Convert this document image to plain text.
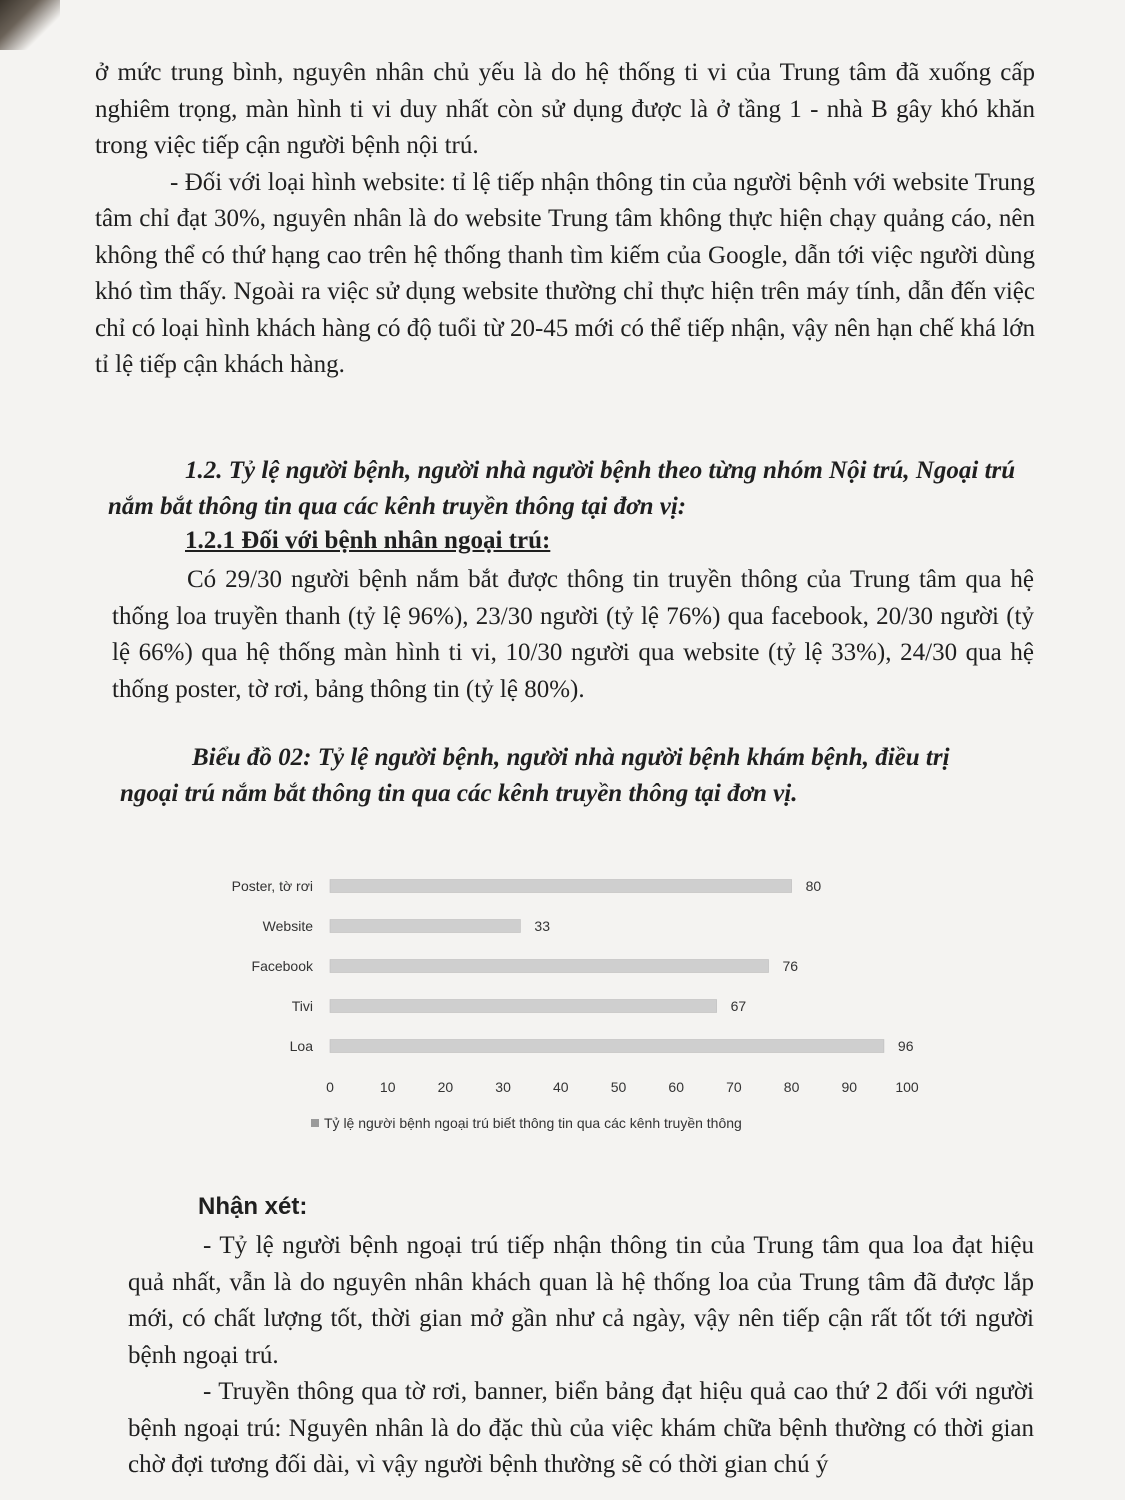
ở mức trung bình, nguyên nhân chủ yếu là do hệ thống ti vi của Trung tâm đã xuống cấp nghiêm trọng, màn hình ti vi duy nhất còn sử dụng được là ở tầng 1 - nhà B gây khó khăn trong việc tiếp cận người bệnh nội trú.

- Đối với loại hình website: tỉ lệ tiếp nhận thông tin của người bệnh với website Trung tâm chỉ đạt 30%, nguyên nhân là do website Trung tâm không thực hiện chạy quảng cáo, nên không thể có thứ hạng cao trên hệ thống thanh tìm kiếm của Google, dẫn tới việc người dùng khó tìm thấy. Ngoài ra việc sử dụng website thường chỉ thực hiện trên máy tính, dẫn đến việc chỉ có loại hình khách hàng có độ tuổi từ 20-45 mới có thể tiếp nhận, vậy nên hạn chế khá lớn tỉ lệ tiếp cận khách hàng.

1.2. Tỷ lệ người bệnh, người nhà người bệnh theo từng nhóm Nội trú, Ngoại trú nắm bắt thông tin qua các kênh truyền thông tại đơn vị:

1.2.1 Đối với bệnh nhân ngoại trú:

Có 29/30 người bệnh nắm bắt được thông tin truyền thông của Trung tâm qua hệ thống loa truyền thanh (tỷ lệ 96%), 23/30 người (tỷ lệ 76%) qua facebook, 20/30 người (tỷ lệ 66%) qua hệ thống màn hình ti vi, 10/30 người qua website (tỷ lệ 33%), 24/30 qua hệ thống poster, tờ rơi, bảng thông tin (tỷ lệ 80%).

Biểu đồ 02: Tỷ lệ người bệnh, người nhà người bệnh khám bệnh, điều trị

ngoại trú nắm bắt thông tin qua các kênh truyền thông tại đơn vị.

Poster, tờ rơi	80
Website	33
Facebook	76
Tivi	67
Loa	96
0	10	20	30	40	50	60	70	80	90	100
Tỷ lệ người bệnh ngoại trú biết thông tin qua các kênh truyền thông
Nhận xét:

- Tỷ lệ người bệnh ngoại trú tiếp nhận thông tin của Trung tâm qua loa đạt hiệu quả nhất, vẫn là do nguyên nhân khách quan là hệ thống loa của Trung tâm đã được lắp mới, có chất lượng tốt, thời gian mở gần như cả ngày, vậy nên tiếp cận rất tốt tới người bệnh ngoại trú.

- Truyền thông qua tờ rơi, banner, biển bảng đạt hiệu quả cao thứ 2 đối với người bệnh ngoại trú: Nguyên nhân là do đặc thù của việc khám chữa bệnh thường có thời gian chờ đợi tương đối dài, vì vậy người bệnh thường sẽ có thời gian chú ý
